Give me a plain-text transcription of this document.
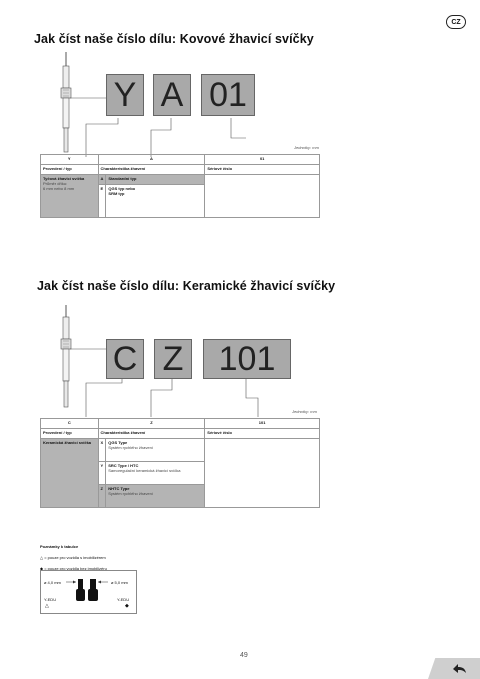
CZ
Jak číst naše číslo dílu: Kovové žhavicí svíčky
Y A 01
Jednotky: mm
Y	A		01
Provedení / typ	Charakteristika žhavení		Sériové číslo

Tyčová žhavicí svíčka
Průměr dříku:
6 mm nebo 8 mm	A	Standardní typ	
	E	QGS typ nebo
SRM typ	
Jak číst naše číslo dílu: Keramické žhavicí svíčky
C Z	101
Jednotky: mm
C	Z		101
Provedení / typ	Charakteristika žhavení		Sériové číslo
Keramická žhavicí svíčka	X	QGS Type
Systém rychlého žhavení	

	Y	SRC Type / HTC
Samoregulační keramická žhavicí svíčka	

	Z	NHTC Type
Systém rychlého žhavení	
Poznámky k tabulce
△ = pouze pro vozidla s imobilizérem
◆ = pouze pro vozidla bez imobilizéru
ø 4,0 mm	ø 5,0 mm
Y-EDU	Y-EDU
△	◆
49
